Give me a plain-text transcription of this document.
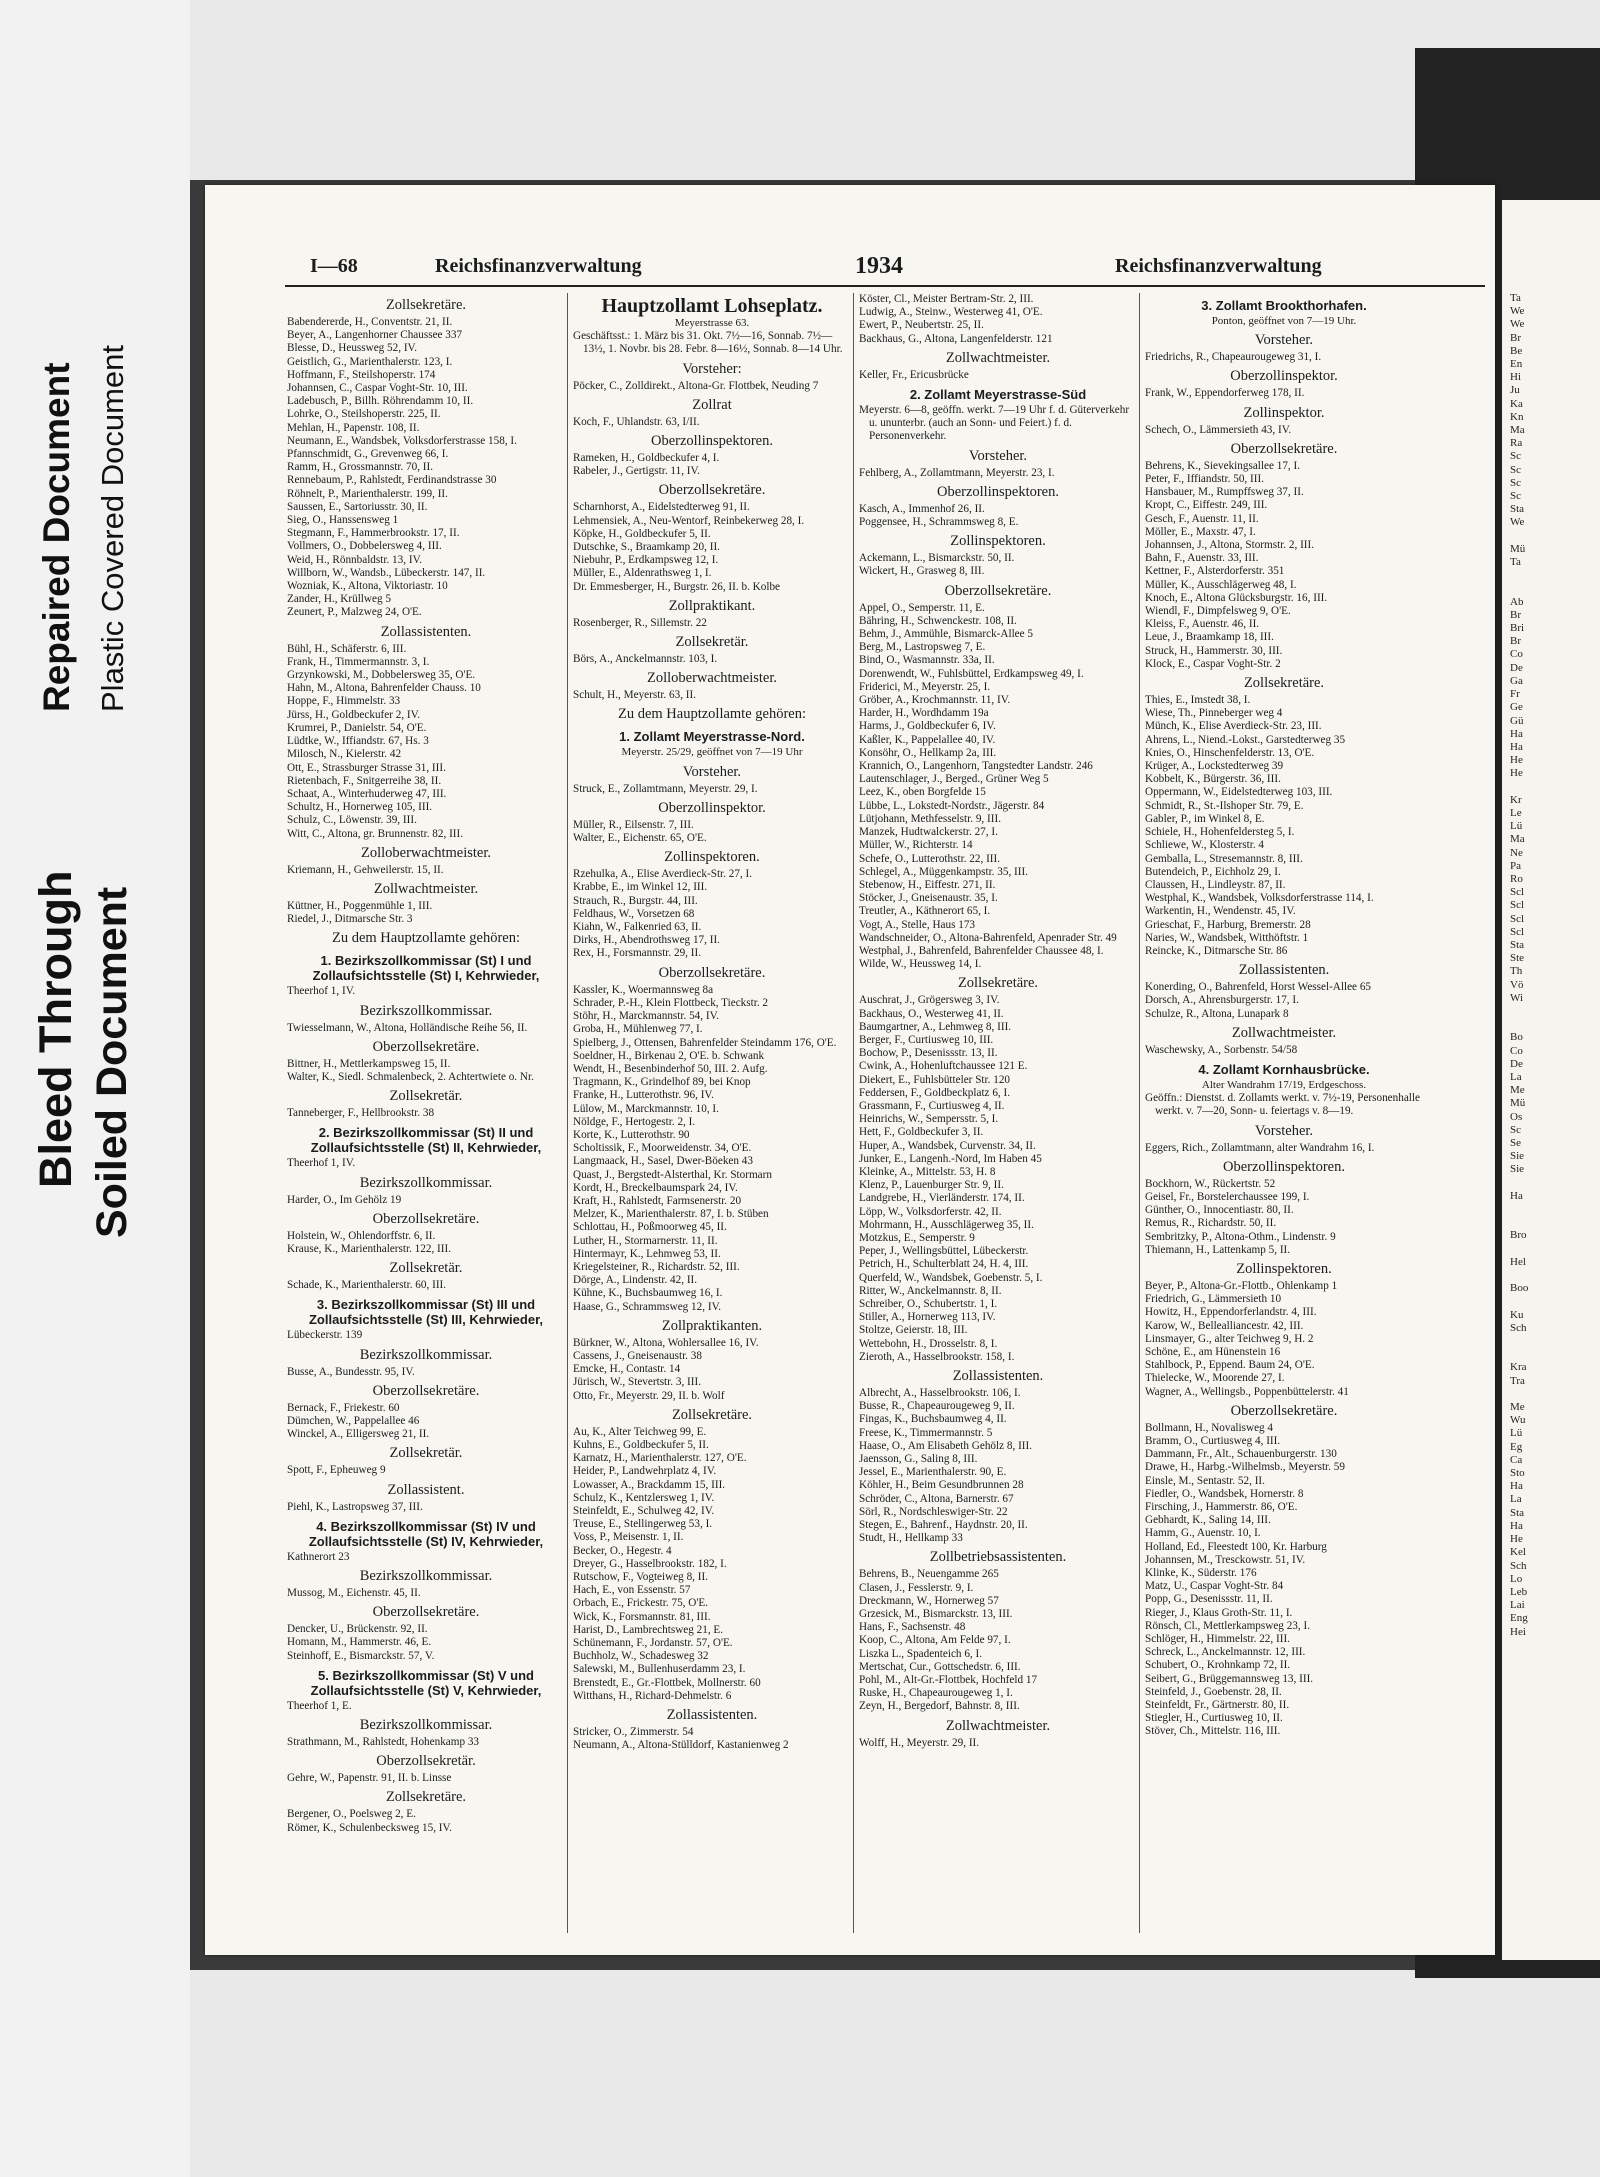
Soiled Document
Bleed Through
Repaired Document Plastic Covered Document
I—68	Reichsfinanzverwaltung	1934	Reichsfinanzverwaltung
Zollsekretäre.
Babendererde, H., Conventstr. 21, II.
Beyer, A., Langenhorner Chaussee 337
Blesse, D., Heussweg 52, IV.
Geistlich, G., Marienthalerstr. 123, I.
Hoffmann, F., Steilshoperstr. 174
Johannsen, C., Caspar Voght-Str. 10, III.
Ladebusch, P., Billh. Röhrendamm 10, II.
Lohrke, O., Steilshoperstr. 225, II.
Mehlan, H., Papenstr. 108, II.
Neumann, E., Wandsbek, Volksdorferstrasse 158, I.
Pfannschmidt, G., Grevenweg 66, I.
Ramm, H., Grossmannstr. 70, II.
Rennebaum, P., Rahlstedt, Ferdinandstrasse 30
Röhnelt, P., Marienthalerstr. 199, II.
Saussen, E., Sartoriusstr. 30, II.
Sieg, O., Hanssensweg 1
Stegmann, F., Hammerbrookstr. 17, II.
Vollmers, O., Dobbelersweg 4, III.
Weid, H., Rönnbaldstr. 13, IV.
Willborn, W., Wandsb., Lübeckerstr. 147, II.
Wozniak, K., Altona, Viktoriastr. 10
Zander, H., Krüllweg 5
Zeunert, P., Malzweg 24, O'E.
Zollassistenten.
Bühl, H., Schäferstr. 6, III.
Frank, H., Timmermannstr. 3, I.
Grzynkowski, M., Dobbelersweg 35, O'E.
Hahn, M., Altona, Bahrenfelder Chauss. 10
Hoppe, F., Himmelstr. 33
Jürss, H., Goldbeckufer 2, IV.
Krumrei, P., Danielstr. 54, O'E.
Lüdtke, W., Iffiandstr. 67, Hs. 3
Milosch, N., Kielerstr. 42
Ott, E., Strassburger Strasse 31, III.
Rietenbach, F., Snitgerreihe 38, II.
Schaat, A., Winterhuderweg 47, III.
Schultz, H., Hornerweg 105, III.
Schulz, C., Löwenstr. 39, III.
Witt, C., Altona, gr. Brunnenstr. 82, III.
Zolloberwachtmeister.
Kriemann, H., Gehweilerstr. 15, II.
Zollwachtmeister.
Küttner, H., Poggenmühle 1, III.
Riedel, J., Ditmarsche Str. 3
Zu dem Hauptzollamte gehören:
1. Bezirkszollkommissar (St) I und Zollaufsichtsstelle (St) I, Kehrwieder,
Theerhof 1, IV.
Bezirkszollkommissar.
Twiesselmann, W., Altona, Holländische Reihe 56, II.
Oberzollsekretäre.
Bittner, H., Mettlerkampsweg 15, II.
Walter, K., Siedl. Schmalenbeck, 2. Achtertwiete o. Nr.
Zollsekretär.
Tanneberger, F., Hellbrookstr. 38
2. Bezirkszollkommissar (St) II und Zollaufsichtsstelle (St) II, Kehrwieder,
Theerhof 1, IV.
Bezirkszollkommissar.
Harder, O., Im Gehölz 19
Oberzollsekretäre.
Holstein, W., Ohlendorffstr. 6, II.
Krause, K., Marienthalerstr. 122, III.
Zollsekretär.
Schade, K., Marienthalerstr. 60, III.
3. Bezirkszollkommissar (St) III und Zollaufsichtsstelle (St) III, Kehrwieder,
Lübeckerstr. 139
Bezirkszollkommissar.
Busse, A., Bundesstr. 95, IV.
Oberzollsekretäre.
Bernack, F., Friekestr. 60
Dümchen, W., Pappelallee 46
Winckel, A., Elligersweg 21, II.
Zollsekretär.
Spott, F., Epheuweg 9
Zollassistent.
Piehl, K., Lastropsweg 37, III.
4. Bezirkszollkommissar (St) IV und Zollaufsichtsstelle (St) IV, Kehrwieder,
Kathnerort 23
Bezirkszollkommissar.
Mussog, M., Eichenstr. 45, II.
Oberzollsekretäre.
Dencker, U., Brückenstr. 92, II.
Homann, M., Hammerstr. 46, E.
Steinhoff, E., Bismarckstr. 57, V.
5. Bezirkszollkommissar (St) V und Zollaufsichtsstelle (St) V, Kehrwieder,
Theerhof 1, E.
Bezirkszollkommissar.
Strathmann, M., Rahlstedt, Hohenkamp 33
Oberzollsekretär.
Gehre, W., Papenstr. 91, II. b. Linsse
Zollsekretäre.
Bergener, O., Poelsweg 2, E.
Römer, K., Schulenbecksweg 15, IV.
Hauptzollamt Lohseplatz.
Meyerstrasse 63.
Geschäftsst.: 1. März bis 31. Okt. 7½—16, Sonnab. 7½—13½, 1. Novbr. bis 28. Febr. 8—16½, Sonnab. 8—14 Uhr.
Vorsteher:
Pöcker, C., Zolldirekt., Altona-Gr. Flottbek, Neuding 7
Zollrat
Koch, F., Uhlandstr. 63, I/II.
Oberzollinspektoren.
Rameken, H., Goldbeckufer 4, I.
Rabeler, J., Gertigstr. 11, IV.
Oberzollsekretäre.
Scharnhorst, A., Eidelstedterweg 91, II.
Lehmensiek, A., Neu-Wentorf, Reinbekerweg 28, I.
Köpke, H., Goldbeckufer 5, II.
Dutschke, S., Braamkamp 20, II.
Niebuhr, P., Erdkampsweg 12, I.
Müller, E., Aldenrathsweg 1, I.
Dr. Emmesberger, H., Burgstr. 26, II. b. Kolbe
Zollpraktikant.
Rosenberger, R., Sillemstr. 22
Zollsekretär.
Börs, A., Anckelmannstr. 103, I.
Zolloberwachtmeister.
Schult, H., Meyerstr. 63, II.
Zu dem Hauptzollamte gehören:
1. Zollamt Meyerstrasse-Nord.
Meyerstr. 25/29, geöffnet von 7—19 Uhr
Vorsteher.
Struck, E., Zollamtmann, Meyerstr. 29, I.
Oberzollinspektor.
Müller, R., Eilsenstr. 7, III.
Walter, E., Eichenstr. 65, O'E.
Zollinspektoren.
Rzehulka, A., Elise Averdieck-Str. 27, I.
Krabbe, E., im Winkel 12, III.
Strauch, R., Burgstr. 44, III.
Feldhaus, W., Vorsetzen 68
Kiahn, W., Falkenried 63, II.
Dirks, H., Abendrothsweg 17, II.
Rex, H., Forsmannstr. 29, II.
Oberzollsekretäre.
Kassler, K., Woermannsweg 8a
Schrader, P.-H., Klein Flottbeck, Tieckstr. 2
Stöhr, H., Marckmannstr. 54, IV.
Groba, H., Mühlenweg 77, I.
Spielberg, J., Ottensen, Bahrenfelder Steindamm 176, O'E.
Soeldner, H., Birkenau 2, O'E. b. Schwank
Wendt, H., Besenbinderhof 50, III. 2. Aufg.
Tragmann, K., Grindelhof 89, bei Knop
Franke, H., Lutterothstr. 96, IV.
Lülow, M., Marckmannstr. 10, I.
Nöldge, F., Hertogestr. 2, I.
Korte, K., Lutterothstr. 90
Scholtissik, F., Moorweidenstr. 34, O'E.
Langmaack, H., Sasel, Dwer-Böeken 43
Quast, J., Bergstedt-Alsterthal, Kr. Stormarn
Kordt, H., Breckelbaumspark 24, IV.
Kraft, H., Rahlstedt, Farmsenerstr. 20
Melzer, K., Marienthalerstr. 87, I. b. Stüben
Schlottau, H., Poßmoorweg 45, II.
Luther, H., Stormarnerstr. 11, II.
Hintermayr, K., Lehmweg 53, II.
Kriegelsteiner, R., Richardstr. 52, III.
Dörge, A., Lindenstr. 42, II.
Kühne, K., Buchsbaumweg 16, I.
Haase, G., Schrammsweg 12, IV.
Zollpraktikanten.
Bürkner, W., Altona, Wohlersallee 16, IV.
Cassens, J., Gneisenaustr. 38
Emcke, H., Contastr. 14
Jürisch, W., Stevertstr. 3, III.
Otto, Fr., Meyerstr. 29, II. b. Wolf
Zollsekretäre.
Au, K., Alter Teichweg 99, E.
Kuhns, E., Goldbeckufer 5, II.
Karnatz, H., Marienthalerstr. 127, O'E.
Heider, P., Landwehrplatz 4, IV.
Lowasser, A., Brackdamm 15, III.
Schulz, K., Kentzlersweg 1, IV.
Steinfeldt, E., Schulweg 42, IV.
Treuse, E., Stellingerweg 53, I.
Voss, P., Meisenstr. 1, II.
Becker, O., Hegestr. 4
Dreyer, G., Hasselbrookstr. 182, I.
Rutschow, F., Vogteiweg 8, II.
Hach, E., von Essenstr. 57
Orbach, E., Frickestr. 75, O'E.
Wick, K., Forsmannstr. 81, III.
Harist, D., Lambrechtsweg 21, E.
Schünemann, F., Jordanstr. 57, O'E.
Buchholz, W., Schadesweg 32
Salewski, M., Bullenhuserdamm 23, I.
Brenstedt, E., Gr.-Flottbek, Mollnerstr. 60
Witthans, H., Richard-Dehmelstr. 6
Zollassistenten.
Stricker, O., Zimmerstr. 54
Neumann, A., Altona-Stülldorf, Kastanienweg 2
Köster, Cl., Meister Bertram-Str. 2, III.
Ludwig, A., Steinw., Westerweg 41, O'E.
Ewert, P., Neubertstr. 25, II.
Backhaus, G., Altona, Langenfelderstr. 121
Zollwachtmeister.
Keller, Fr., Ericusbrücke
2. Zollamt Meyerstrasse-Süd
Meyerstr. 6—8, geöffn. werkt. 7—19 Uhr f. d. Güterverkehr u. ununterbr. (auch an Sonn- und Feiert.) f. d. Personenverkehr.
Vorsteher.
Fehlberg, A., Zollamtmann, Meyerstr. 23, I.
Oberzollinspektoren.
Kasch, A., Immenhof 26, II.
Poggensee, H., Schrammsweg 8, E.
Zollinspektoren.
Ackemann, L., Bismarckstr. 50, II.
Wickert, H., Grasweg 8, III.
Oberzollsekretäre.
Appel, O., Semperstr. 11, E.
Bähring, H., Schwenckestr. 108, II.
Behm, J., Ammühle, Bismarck-Allee 5
Berg, M., Lastropsweg 7, E.
Bind, O., Wasmannstr. 33a, II.
Dorenwendt, W., Fuhlsbüttel, Erdkampsweg 49, I.
Friderici, M., Meyerstr. 25, I.
Gröber, A., Krochmannstr. 11, IV.
Harder, H., Wordhdamm 19a
Harms, J., Goldbeckufer 6, IV.
Kaßler, K., Pappelallee 40, IV.
Konsöhr, O., Hellkamp 2a, III.
Krannich, O., Langenhorn, Tangstedter Landstr. 246
Lautenschlager, J., Berged., Grüner Weg 5
Leez, K., oben Borgfelde 15
Lübbe, L., Lokstedt-Nordstr., Jägerstr. 84
Lütjohann, Methfesselstr. 9, III.
Manzek, Hudtwalckerstr. 27, I.
Müller, W., Richterstr. 14
Schefe, O., Lutterothstr. 22, III.
Schlegel, A., Müggenkampstr. 35, III.
Stebenow, H., Eiffestr. 271, II.
Stöcker, J., Gneisenaustr. 35, I.
Treutler, A., Käthnerort 65, I.
Vogt, A., Stelle, Haus 173
Wandschneider, O., Altona-Bahrenfeld, Apenrader Str. 49
Westphal, J., Bahrenfeld, Bahrenfelder Chaussee 48, I.
Wilde, W., Heussweg 14, I.
Zollsekretäre.
Auschrat, J., Grögersweg 3, IV.
Backhaus, O., Westerweg 41, II.
Baumgartner, A., Lehmweg 8, III.
Berger, F., Curtiusweg 10, III.
Bochow, P., Desenissstr. 13, II.
Cwink, A., Hohenluftchaussee 121 E.
Diekert, E., Fuhlsbütteler Str. 120
Feddersen, F., Goldbeckplatz 6, I.
Grassmann, F., Curtiusweg 4, II.
Heinrichs, W., Sempersstr. 5, I.
Hett, F., Goldbeckufer 3, II.
Huper, A., Wandsbek, Curvenstr. 34, II.
Junker, E., Langenh.-Nord, Im Haben 45
Kleinke, A., Mittelstr. 53, H. 8
Klenz, P., Lauenburger Str. 9, II.
Landgrebe, H., Vierländerstr. 174, II.
Löpp, W., Volksdorferstr. 42, II.
Mohrmann, H., Ausschlägerweg 35, II.
Motzkus, E., Semperstr. 9
Peper, J., Wellingsbüttel, Lübeckerstr.
Petrich, H., Schulterblatt 24, H. 4, III.
Querfeld, W., Wandsbek, Goebenstr. 5, I.
Ritter, W., Anckelmannstr. 8, II.
Schreiber, O., Schubertstr. 1, I.
Stiller, A., Hornerweg 113, IV.
Stoltze, Geierstr. 18, III.
Wettebohn, H., Drosselstr. 8, I.
Zieroth, A., Hasselbrookstr. 158, I.
Zollassistenten.
Albrecht, A., Hasselbrookstr. 106, I.
Busse, R., Chapeaurougeweg 9, II.
Fingas, K., Buchsbaumweg 4, II.
Freese, K., Timmermannstr. 5
Haase, O., Am Elisabeth Gehölz 8, III.
Jaensson, G., Saling 8, III.
Jessel, E., Marienthalerstr. 90, E.
Köhler, H., Beim Gesundbrunnen 28
Schröder, C., Altona, Barnerstr. 67
Sörl, R., Nordschleswiger-Str. 22
Stegen, E., Bahrenf., Haydnstr. 20, II.
Studt, H., Hellkamp 33
Zollbetriebsassistenten.
Behrens, B., Neuengamme 265
Clasen, J., Fesslerstr. 9, I.
Dreckmann, W., Hornerweg 57
Grzesick, M., Bismarckstr. 13, III.
Hans, F., Sachsenstr. 48
Koop, C., Altona, Am Felde 97, I.
Liszka L., Spadenteich 6, I.
Mertschat, Cur., Gottschedstr. 6, III.
Pohl, M., Alt-Gr.-Flottbek, Hochfeld 17
Ruske, H., Chapeaurougeweg 1, I.
Zeyn, H., Bergedorf, Bahnstr. 8, III.
Zollwachtmeister.
Wolff, H., Meyerstr. 29, II.
3. Zollamt Brookthorhafen.
Ponton, geöffnet von 7—19 Uhr.
Vorsteher.
Friedrichs, R., Chapeaurougeweg 31, I.
Oberzollinspektor.
Frank, W., Eppendorferweg 178, II.
Zollinspektor.
Schech, O., Lämmersieth 43, IV.
Oberzollsekretäre.
Behrens, K., Sievekingsallee 17, I.
Peter, F., Iffiandstr. 50, III.
Hansbauer, M., Rumpffsweg 37, II.
Kropt, C., Eiffestr. 249, III.
Gesch, F., Auenstr. 11, II.
Möller, E., Maxstr. 47, I.
Johannsen, J., Altona, Stormstr. 2, III.
Bahn, F., Auenstr. 33, III.
Kettner, F., Alsterdorferstr. 351
Müller, K., Ausschlägerweg 48, I.
Knoch, E., Altona Glücksburgstr. 16, III.
Wiendl, F., Dimpfelsweg 9, O'E.
Kleiss, F., Auenstr. 46, II.
Leue, J., Braamkamp 18, III.
Struck, H., Hammerstr. 30, III.
Klock, E., Caspar Voght-Str. 2
Zollsekretäre.
Thies, E., Imstedt 38, I.
Wiese, Th., Pinneberger weg 4
Münch, K., Elise Averdieck-Str. 23, III.
Ahrens, L., Niend.-Lokst., Garstedterweg 35
Knies, O., Hinschenfelderstr. 13, O'E.
Krüger, A., Lockstedterweg 39
Kobbelt, K., Bürgerstr. 36, III.
Oppermann, W., Eidelstedterweg 103, III.
Schmidt, R., St.-Ilshoper Str. 79, E.
Gabler, P., im Winkel 8, E.
Schiele, H., Hohenfeldersteg 5, I.
Schliewe, W., Klosterstr. 4
Gemballa, L., Stresemannstr. 8, III.
Butendeich, P., Eichholz 29, I.
Claussen, H., Lindleystr. 87, II.
Westphal, K., Wandsbek, Volksdorferstrasse 114, I.
Warkentin, H., Wendenstr. 45, IV.
Grieschat, F., Harburg, Bremerstr. 28
Naries, W., Wandsbek, Witthöftstr. 1
Reincke, K., Ditmarsche Str. 86
Zollassistenten.
Konerding, O., Bahrenfeld, Horst Wessel-Allee 65
Dorsch, A., Ahrensburgerstr. 17, I.
Schulze, R., Altona, Lunapark 8
Zollwachtmeister.
Waschewsky, A., Sorbenstr. 54/58
4. Zollamt Kornhausbrücke.
Alter Wandrahm 17/19, Erdgeschoss.
Geöffn.: Dienstst. d. Zollamts werkt. v. 7½-19, Personenhalle werkt. v. 7—20, Sonn- u. feiertags v. 8—19.
Vorsteher.
Eggers, Rich., Zollamtmann, alter Wandrahm 16, I.
Oberzollinspektoren.
Bockhorn, W., Rückertstr. 52
Geisel, Fr., Borstelerchaussee 199, I.
Günther, O., Innocentiastr. 80, II.
Remus, R., Richardstr. 50, II.
Sembritzky, P., Altona-Othm., Lindenstr. 9
Thiemann, H., Lattenkamp 5, II.
Zollinspektoren.
Beyer, P., Altona-Gr.-Flottb., Ohlenkamp 1
Friedrich, G., Lämmersieth 10
Howitz, H., Eppendorferlandstr. 4, III.
Karow, W., Bellealliancestr. 42, III.
Linsmayer, G., alter Teichweg 9, H. 2
Schöne, E., am Hünenstein 16
Stahlbock, P., Eppend. Baum 24, O'E.
Thielecke, W., Moorende 27, I.
Wagner, A., Wellingsb., Poppenbüttelerstr. 41
Oberzollsekretäre.
Bollmann, H., Novalisweg 4
Bramm, O., Curtiusweg 4, III.
Dammann, Fr., Alt., Schauenburgerstr. 130
Drawe, H., Harbg.-Wilhelmsb., Meyerstr. 59
Einsle, M., Sentastr. 52, II.
Fiedler, O., Wandsbek, Hornerstr. 8
Firsching, J., Hammerstr. 86, O'E.
Gebhardt, K., Saling 14, III.
Hamm, G., Auenstr. 10, I.
Holland, Ed., Fleestedt 100, Kr. Harburg
Johannsen, M., Tresckowstr. 51, IV.
Klinke, K., Süderstr. 176
Matz, U., Caspar Voght-Str. 84
Popp, G., Desenissstr. 11, II.
Rieger, J., Klaus Groth-Str. 11, I.
Rönsch, Cl., Mettlerkampsweg 23, I.
Schlöger, H., Himmelstr. 22, III.
Schreck, L., Anckelmannstr. 12, III.
Schubert, O., Krohnkamp 72, II.
Seibert, G., Brüggemannsweg 13, III.
Steinfeld, J., Goebenstr. 28, II.
Steinfeldt, Fr., Gärtnerstr. 80, II.
Stiegler, H., Curtiusweg 10, II.
Stöver, Ch., Mittelstr. 116, III.
Ta
We
We
Br
Be
En
Hi
Ju
Ka
Kn
Ma
Ra
Sc
Sc
Sc
Sc
Sta
We

Mü
Ta

Ab
Br
Bri
Br
Co
De
Ga
Fr
Ge
Gü
Ha
Ha
He
He

Kr
Le
Lü
Ma
Ne
Pa
Ro
Scl
Scl
Scl
Scl
Sta
Ste
Th
Vö
Wi

Bo
Co
De
La
Me
Mü
Os
Sc
Se
Sie
Sie

Ha

Bro

Hel

Boo

Ku
Sch

Kra
Tra

Me
Wu
Lü
Eg
Ca
Sto
Ha
La
Sta
Ha
He
Kel
Sch
Lo
Leb
Lai
Eng
Hei
